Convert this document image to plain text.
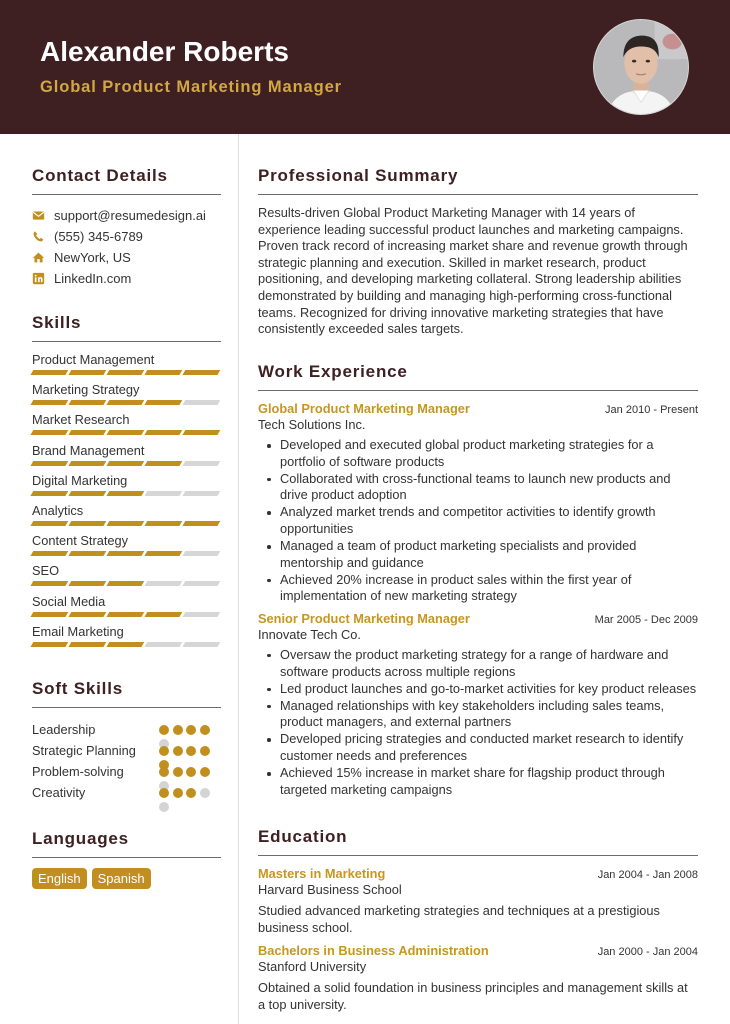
Alexander Roberts
Global Product Marketing Manager
Contact Details
support@resumedesign.ai
(555) 345-6789
NewYork, US
LinkedIn.com
Skills
Product Management
Marketing Strategy
Market Research
Brand Management
Digital Marketing
Analytics
Content Strategy
SEO
Social Media
Email Marketing
Soft Skills
Leadership
Strategic Planning
Problem-solving
Creativity
Languages
English	Spanish
Professional Summary
Results-driven Global Product Marketing Manager with 14 years of experience leading successful product launches and marketing campaigns. Proven track record of increasing market share and revenue growth through strategic planning and execution. Skilled in market research, product positioning, and developing marketing collateral. Strong leadership abilities demonstrated by building and managing high-performing cross-functional teams. Recognized for driving innovative marketing strategies that have consistently exceeded sales targets.
Work Experience
Global Product Marketing Manager	Jan 2010 - Present
Tech Solutions Inc.
Developed and executed global product marketing strategies for a portfolio of software products
Collaborated with cross-functional teams to launch new products and drive product adoption
Analyzed market trends and competitor activities to identify growth opportunities
Managed a team of product marketing specialists and provided mentorship and guidance
Achieved 20% increase in product sales within the first year of implementation of new marketing strategy
Senior Product Marketing Manager	Mar 2005 - Dec 2009
Innovate Tech Co.
Oversaw the product marketing strategy for a range of hardware and software products across multiple regions
Led product launches and go-to-market activities for key product releases
Managed relationships with key stakeholders including sales teams, product managers, and external partners
Developed pricing strategies and conducted market research to identify customer needs and preferences
Achieved 15% increase in market share for flagship product through targeted marketing campaigns
Education
Masters in Marketing	Jan 2004 - Jan 2008
Harvard Business School
Studied advanced marketing strategies and techniques at a prestigious business school.
Bachelors in Business Administration	Jan 2000 - Jan 2004
Stanford University
Obtained a solid foundation in business principles and management skills at a top university.
